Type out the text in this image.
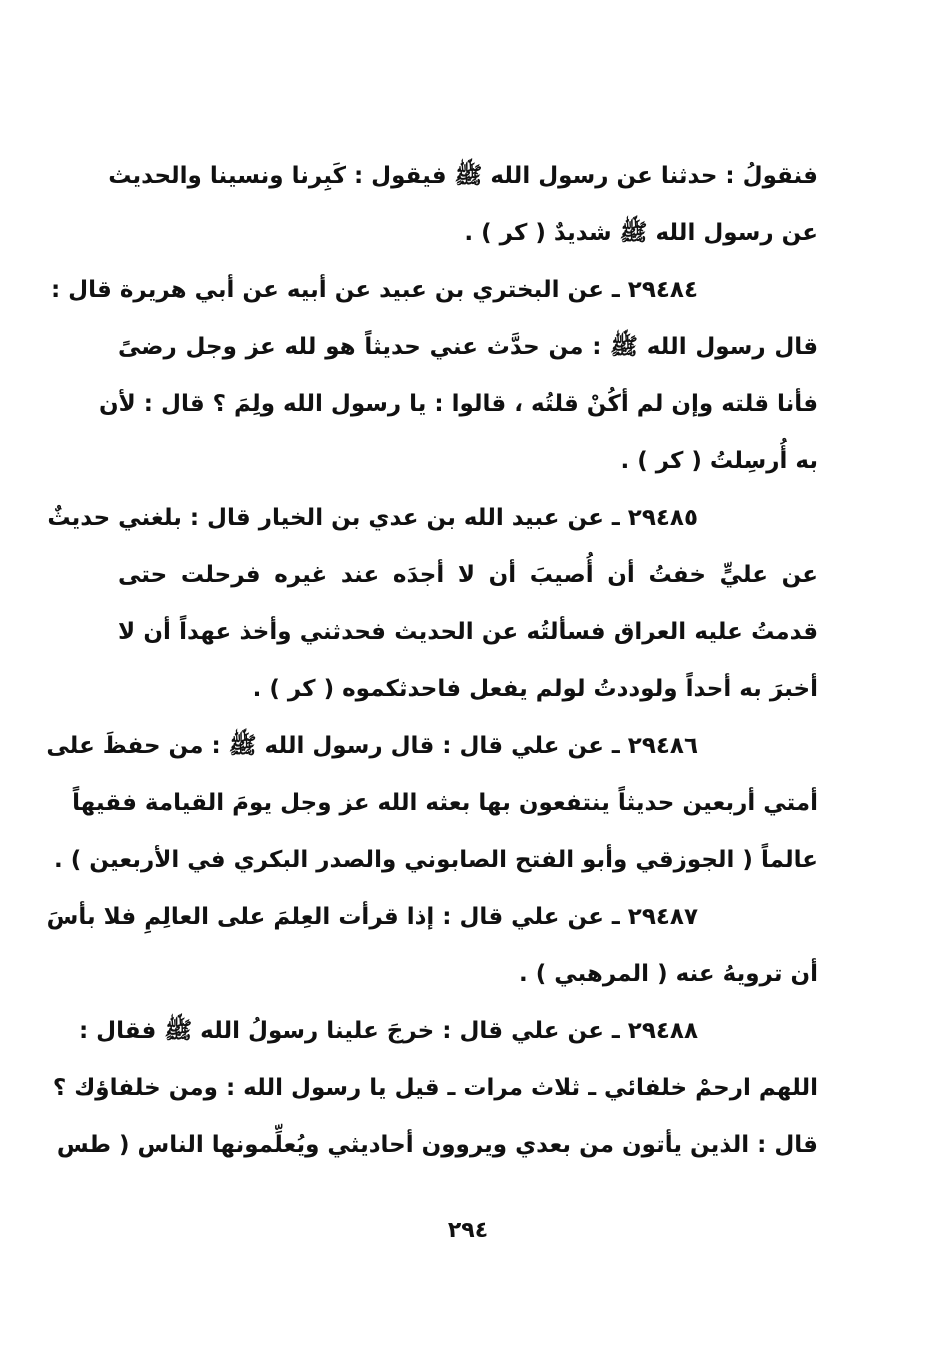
فنقولُ : حدثنا عن رسول الله ﷺ فيقول : كَبِرنا ونسينا والحديث
عن رسول الله ﷺ شديدٌ ( كر ) .
٢٩٤٨٤ ـ عن البختري بن عبيد عن أبيه عن أبي هريرة قال :
قال رسول الله ﷺ : من حدَّث عني حديثاً هو لله عز وجل رضىً
فأنا قلته وإن لم أكُنْ قلتُه ، قالوا : يا رسول الله ولِمَ ؟ قال : لأن
به أُرسِلتُ ( كر ) .
٢٩٤٨٥ ـ عن عبيد الله بن عدي بن الخيار قال : بلغني حديثٌ
عن عليٍّ خفتُ أن أُصيبَ أن لا أجدَه عند غيره فرحلت حتى
قدمتُ عليه العراق فسألتُه عن الحديث فحدثني وأخذ عهداً أن لا
أخبرَ به أحداً ولوددتُ لولم يفعل فاحدثكموه ( كر ) .
٢٩٤٨٦ ـ عن علي قال : قال رسول الله ﷺ : من حفظَ على
أمتي أربعين حديثاً ينتفعون بها بعثه الله عز وجل يومَ القيامة فقيهاً
عالماً ( الجوزقي وأبو الفتح الصابوني والصدر البكري في الأربعين ) .
٢٩٤٨٧ ـ عن علي قال : إذا قرأت العِلمَ على العالِمِ فلا بأسَ
أن ترويهُ عنه ( المرهبي ) .
٢٩٤٨٨ ـ عن علي قال : خرجَ علينا رسولُ الله ﷺ فقال :
اللهم ارحمْ خلفائي ـ ثلاث مرات ـ قيل يا رسول الله : ومن خلفاؤك ؟
قال : الذين يأتون من بعدي ويروون أحاديثي ويُعلِّمونها الناس ( طس
٢٩٤
